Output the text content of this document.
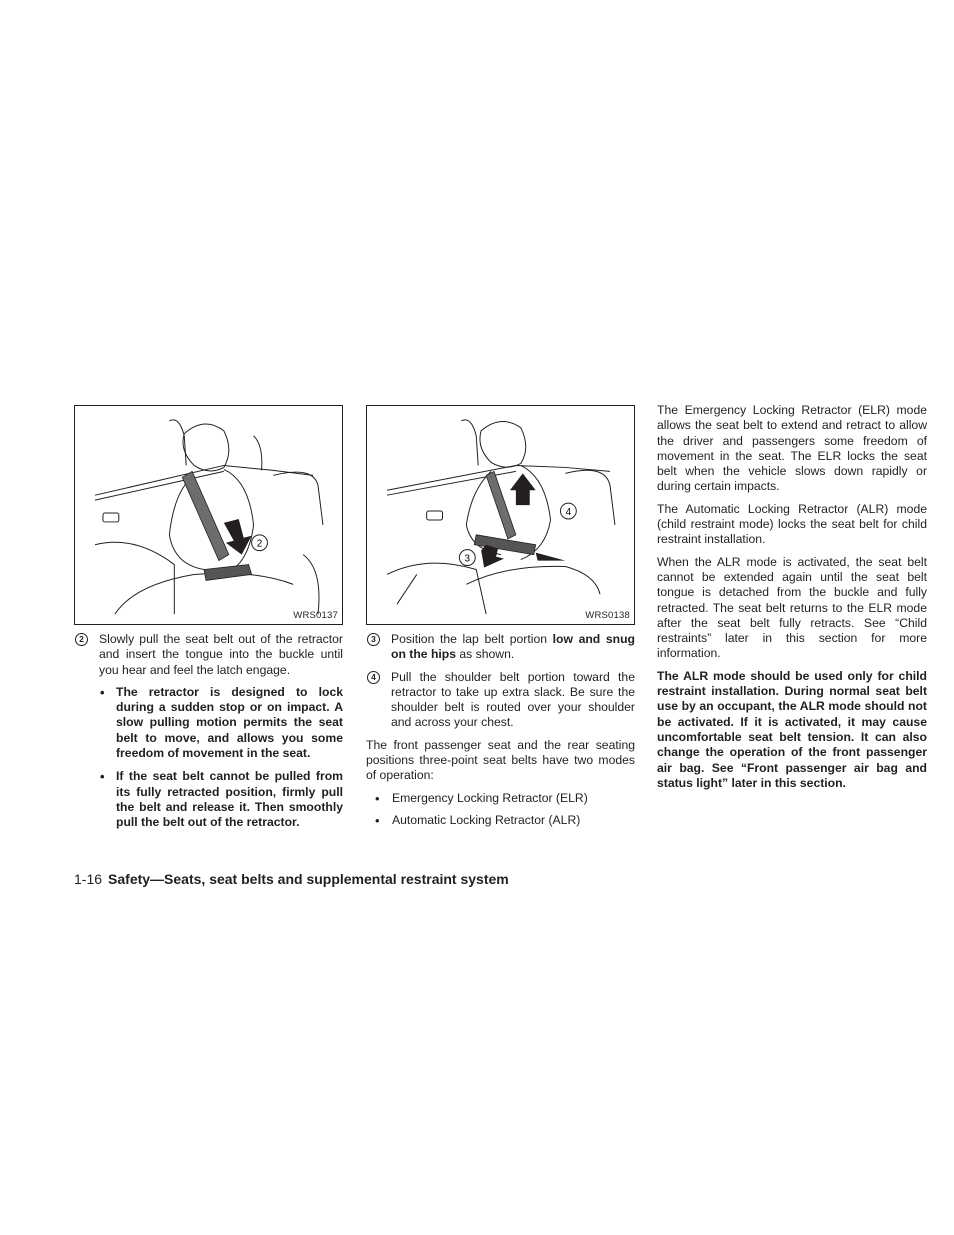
2
WRS0137
4
3
WRS0138
2	Slowly pull the seat belt out of the retractor and insert the tongue into the buckle until you hear and feel the latch engage.
• The retractor is designed to lock during a sudden stop or on impact. A slow pulling motion permits the seat belt to move, and allows you some freedom of movement in the seat.
• If the seat belt cannot be pulled from its fully retracted position, firmly pull the belt and release it. Then smoothly pull the belt out of the retractor.
3	Position the lap belt portion low and snug on the hips as shown.
4	Pull the shoulder belt portion toward the retractor to take up extra slack. Be sure the shoulder belt is routed over your shoulder and across your chest.

The front passenger seat and the rear seating positions three-point seat belts have two modes of operation:

• Emergency Locking Retractor (ELR)
• Automatic Locking Retractor (ALR)

The Emergency Locking Retractor (ELR) mode allows the seat belt to extend and retract to allow the driver and passengers some freedom of movement in the seat. The ELR locks the seat belt when the vehicle slows down rapidly or during certain impacts.

The Automatic Locking Retractor (ALR) mode (child restraint mode) locks the seat belt for child restraint installation.

When the ALR mode is activated, the seat belt cannot be extended again until the seat belt tongue is detached from the buckle and fully retracted. The seat belt returns to the ELR mode after the seat belt fully retracts. See “Child restraints” later in this section for more information.

The ALR mode should be used only for child restraint installation. During normal seat belt use by an occupant, the ALR mode should not be activated. If it is activated, it may cause uncomfortable seat belt tension. It can also change the operation of the front passenger air bag. See “Front passenger air bag and status light” later in this section.

1-16 Safety—Seats, seat belts and supplemental restraint system
